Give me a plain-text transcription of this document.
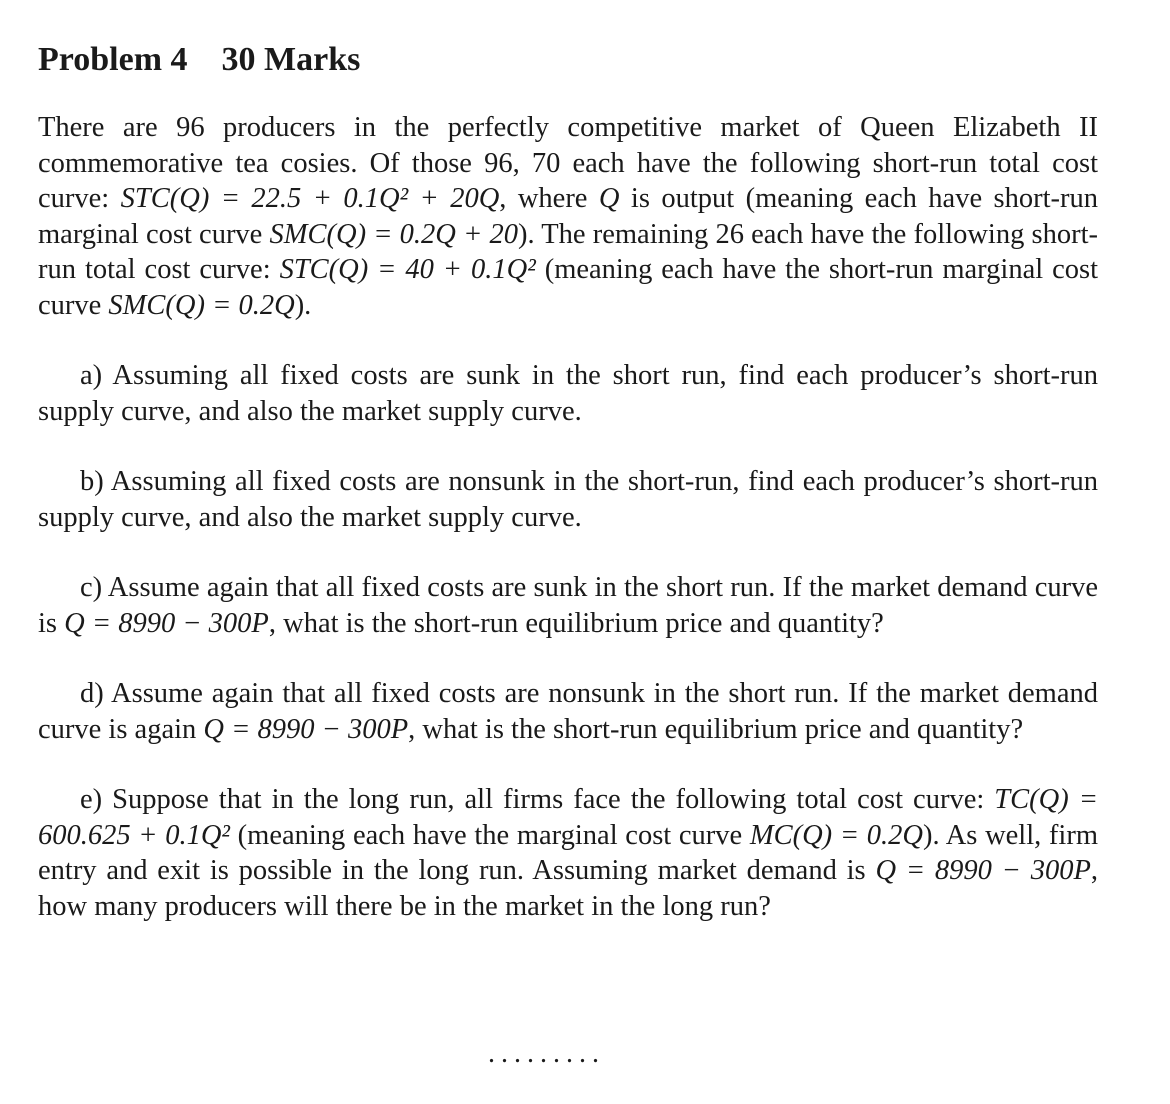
Problem 4 30 Marks

There are 96 producers in the perfectly competitive market of Queen Elizabeth II commemorative tea cosies. Of those 96, 70 each have the following short-run total cost curve: STC(Q) = 22.5 + 0.1Q² + 20Q, where Q is output (meaning each have short-run marginal cost curve SMC(Q) = 0.2Q + 20). The remaining 26 each have the following short-run total cost curve: STC(Q) = 40 + 0.1Q² (meaning each have the short-run marginal cost curve SMC(Q) = 0.2Q).

a) Assuming all fixed costs are sunk in the short run, find each producer’s short-run supply curve, and also the market supply curve.

b) Assuming all fixed costs are nonsunk in the short-run, find each producer’s short-run supply curve, and also the market supply curve.

c) Assume again that all fixed costs are sunk in the short run. If the market demand curve is Q = 8990 − 300P, what is the short-run equilibrium price and quantity?

d) Assume again that all fixed costs are nonsunk in the short run. If the market demand curve is again Q = 8990 − 300P, what is the short-run equilibrium price and quantity?

e) Suppose that in the long run, all firms face the following total cost curve: TC(Q) = 600.625 + 0.1Q² (meaning each have the marginal cost curve MC(Q) = 0.2Q). As well, firm entry and exit is possible in the long run. Assuming market demand is Q = 8990 − 300P, how many producers will there be in the market in the long run?

.........
